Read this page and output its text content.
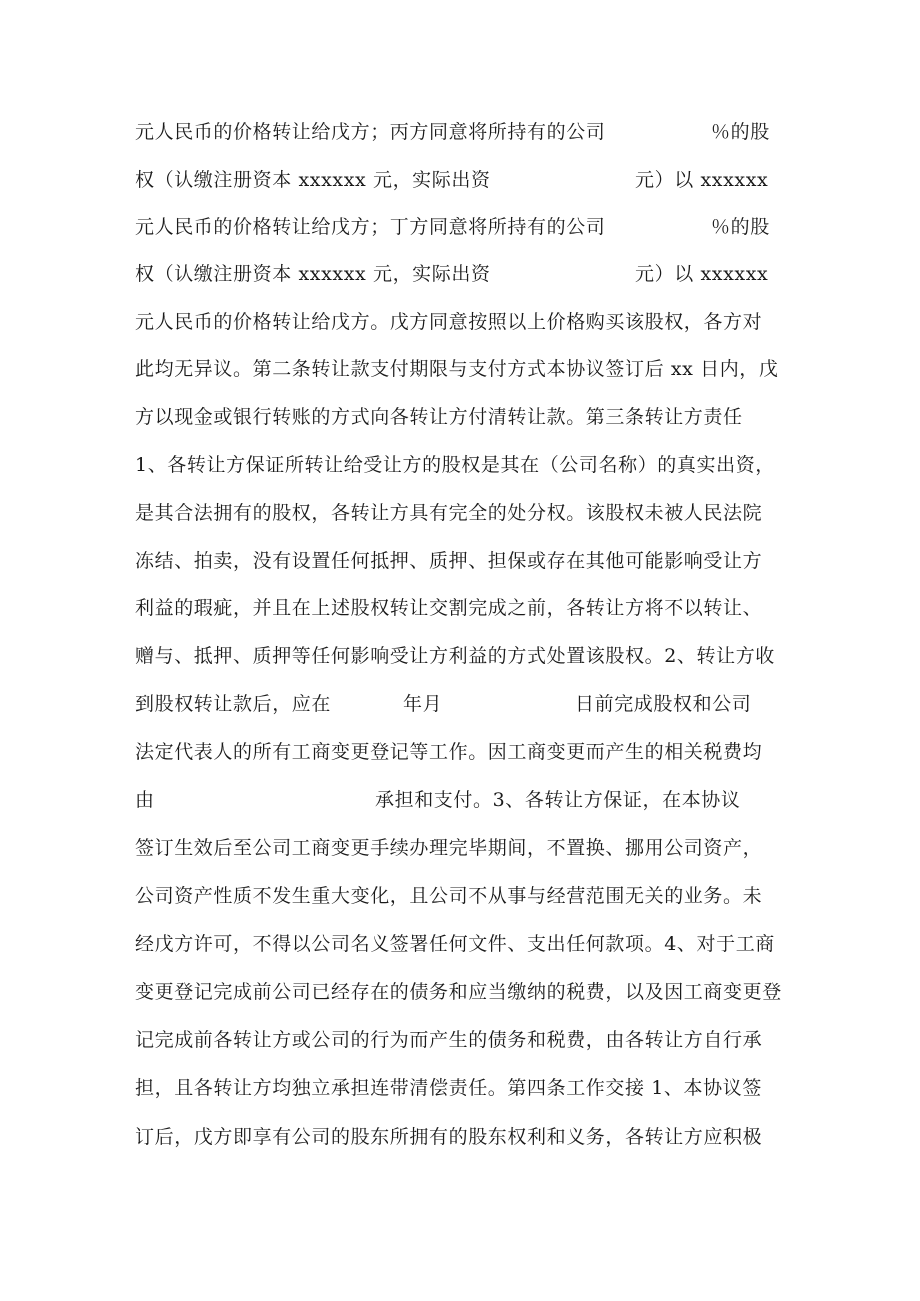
元人民币的价格转让给戊方；丙方同意将所持有的公司

	％的股

权（认缴注册资本 xxxxxx 元，实际出资

	元）以 xxxxxx

元人民币的价格转让给戊方；丁方同意将所持有的公司

	％的股

权（认缴注册资本 xxxxxx 元，实际出资

	元）以 xxxxxx

元人民币的价格转让给戊方。戊方同意按照以上价格购买该股权，各方对

此均无异议。第二条转让款支付期限与支付方式本协议签订后 xx 日内，戊

方以现金或银行转账的方式向各转让方付清转让款。第三条转让方责任

1、各转让方保证所转让给受让方的股权是其在（公司名称）的真实出资，

是其合法拥有的股权，各转让方具有完全的处分权。该股权未被人民法院

冻结、拍卖，没有设置任何抵押、质押、担保或存在其他可能影响受让方

利益的瑕疵，并且在上述股权转让交割完成之前，各转让方将不以转让、

赠与、抵押、质押等任何影响受让方利益的方式处置该股权。2、转让方收

到股权转让款后，应在

	年月

	日前完成股权和公司

法定代表人的所有工商变更登记等工作。因工商变更而产生的相关税费均

由

	承担和支付。3、各转让方保证，在本协议

签订生效后至公司工商变更手续办理完毕期间，不置换、挪用公司资产，

公司资产性质不发生重大变化，且公司不从事与经营范围无关的业务。未

经戊方许可，不得以公司名义签署任何文件、支出任何款项。4、对于工商

变更登记完成前公司已经存在的债务和应当缴纳的税费，以及因工商变更登

记完成前各转让方或公司的行为而产生的债务和税费，由各转让方自行承

担，且各转让方均独立承担连带清偿责任。第四条工作交接 1、本协议签

订后，戊方即享有公司的股东所拥有的股东权利和义务，各转让方应积极
